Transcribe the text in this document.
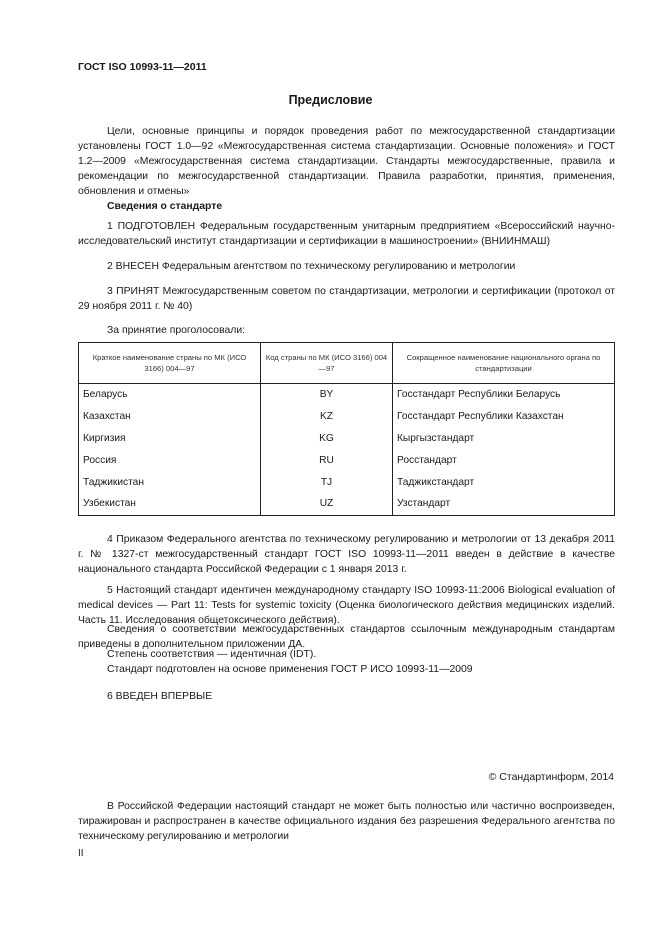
ГОСТ ISO 10993-11—2011
Предисловие
Цели, основные принципы и порядок проведения работ по межгосударственной стандартизации установлены ГОСТ 1.0—92 «Межгосударственная система стандартизации. Основные положения» и ГОСТ 1.2—2009 «Межгосударственная система стандартизации. Стандарты межгосударственные, правила и рекомендации по межгосударственной стандартизации. Правила разработки, принятия, применения, обновления и отмены»
Сведения о стандарте
1 ПОДГОТОВЛЕН Федеральным государственным унитарным предприятием «Всероссийский научно-исследовательский институт стандартизации и сертификации в машиностроении» (ВНИИНМАШ)
2 ВНЕСЕН Федеральным агентством по техническому регулированию и метрологии
3 ПРИНЯТ Межгосударственным советом по стандартизации, метрологии и сертификации (протокол от 29 ноября 2011 г. № 40)
За принятие проголосовали:
Краткое наименование страны по МК (ИСО 3166) 004—97	Код страны по МК (ИСО 3166) 004—97	Сокращенное наименование национального органа по стандартизации
Беларусь	BY	Госстандарт Республики Беларусь
Казахстан	KZ	Госстандарт Республики Казахстан
Киргизия	KG	Кыргызстандарт
Россия	RU	Росстандарт
Таджикистан	TJ	Таджикстандарт
Узбекистан	UZ	Узстандарт
4 Приказом Федерального агентства по техническому регулированию и метрологии от 13 декабря 2011 г. № 1327-ст межгосударственный стандарт ГОСТ ISO 10993-11—2011 введен в действие в качестве национального стандарта Российской Федерации с 1 января 2013 г.
5 Настоящий стандарт идентичен международному стандарту ISO 10993-11:2006 Biological evaluation of medical devices — Part 11: Tests for systemic toxicity (Оценка биологического действия медицинских изделий. Часть 11. Исследования общетоксического действия).
Сведения о соответствии межгосударственных стандартов ссылочным международным стандартам приведены в дополнительном приложении ДА.
Степень соответствия — идентичная (IDT).
Стандарт подготовлен на основе применения ГОСТ Р ИСО 10993-11—2009
6 ВВЕДЕН ВПЕРВЫЕ
© Стандартинформ, 2014
В Российской Федерации настоящий стандарт не может быть полностью или частично воспроизведен, тиражирован и распространен в качестве официального издания без разрешения Федерального агентства по техническому регулированию и метрологии
II
